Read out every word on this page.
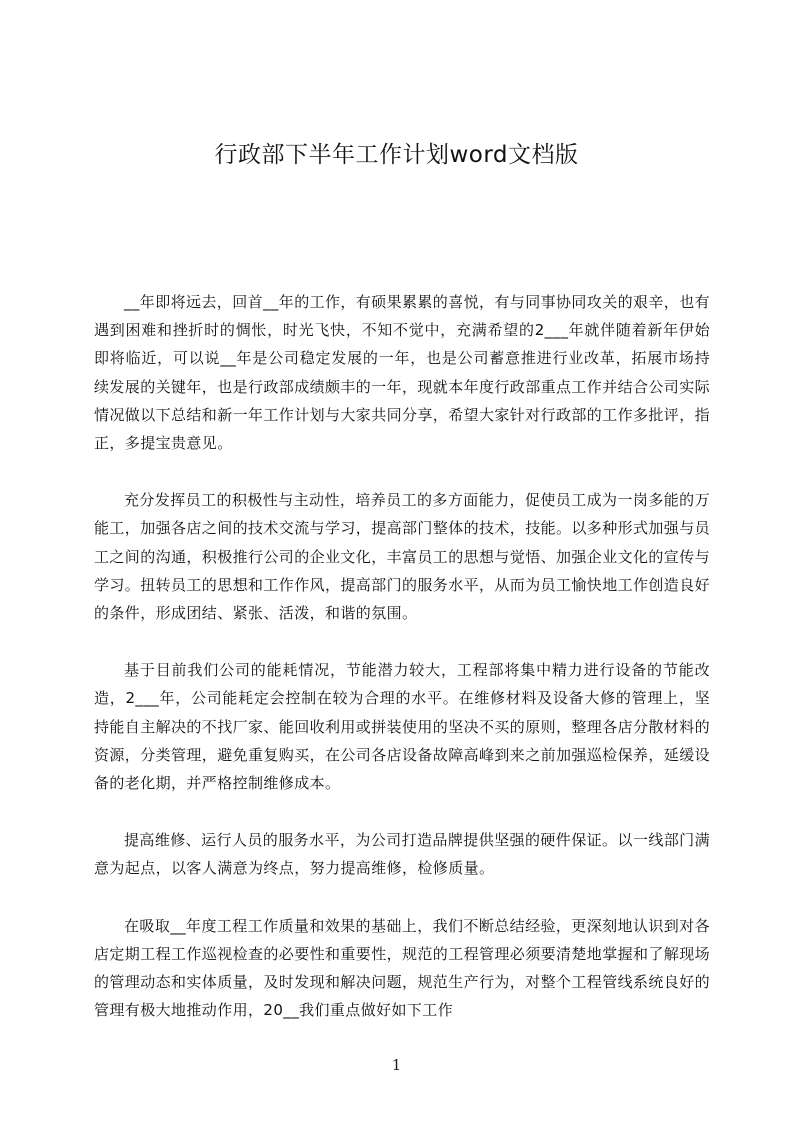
行政部下半年工作计划word文档版

__年即将远去，回首__年的工作，有硕果累累的喜悦，有与同事协同攻关的艰辛，也有遇到困难和挫折时的惆怅，时光飞快，不知不觉中，充满希望的2___年就伴随着新年伊始即将临近，可以说__年是公司稳定发展的一年，也是公司蓄意推进行业改革，拓展市场持续发展的关键年，也是行政部成绩颇丰的一年，现就本年度行政部重点工作并结合公司实际情况做以下总结和新一年工作计划与大家共同分享，希望大家针对行政部的工作多批评，指正，多提宝贵意见。

充分发挥员工的积极性与主动性，培养员工的多方面能力，促使员工成为一岗多能的万能工，加强各店之间的技术交流与学习，提高部门整体的技术，技能。以多种形式加强与员工之间的沟通，积极推行公司的企业文化，丰富员工的思想与觉悟、加强企业文化的宣传与学习。扭转员工的思想和工作作风，提高部门的服务水平，从而为员工愉快地工作创造良好的条件，形成团结、紧张、活泼，和谐的氛围。

基于目前我们公司的能耗情况，节能潜力较大，工程部将集中精力进行设备的节能改造，2___年，公司能耗定会控制在较为合理的水平。在维修材料及设备大修的管理上，坚持能自主解决的不找厂家、能回收利用或拼装使用的坚决不买的原则，整理各店分散材料的资源，分类管理，避免重复购买，在公司各店设备故障高峰到来之前加强巡检保养，延缓设备的老化期，并严格控制维修成本。

提高维修、运行人员的服务水平，为公司打造品牌提供坚强的硬件保证。以一线部门满意为起点，以客人满意为终点，努力提高维修，检修质量。

在吸取__年度工程工作质量和效果的基础上，我们不断总结经验，更深刻地认识到对各店定期工程工作巡视检查的必要性和重要性，规范的工程管理必须要清楚地掌握和了解现场的管理动态和实体质量，及时发现和解决问题，规范生产行为，对整个工程管线系统良好的管理有极大地推动作用，20__我们重点做好如下工作

1
